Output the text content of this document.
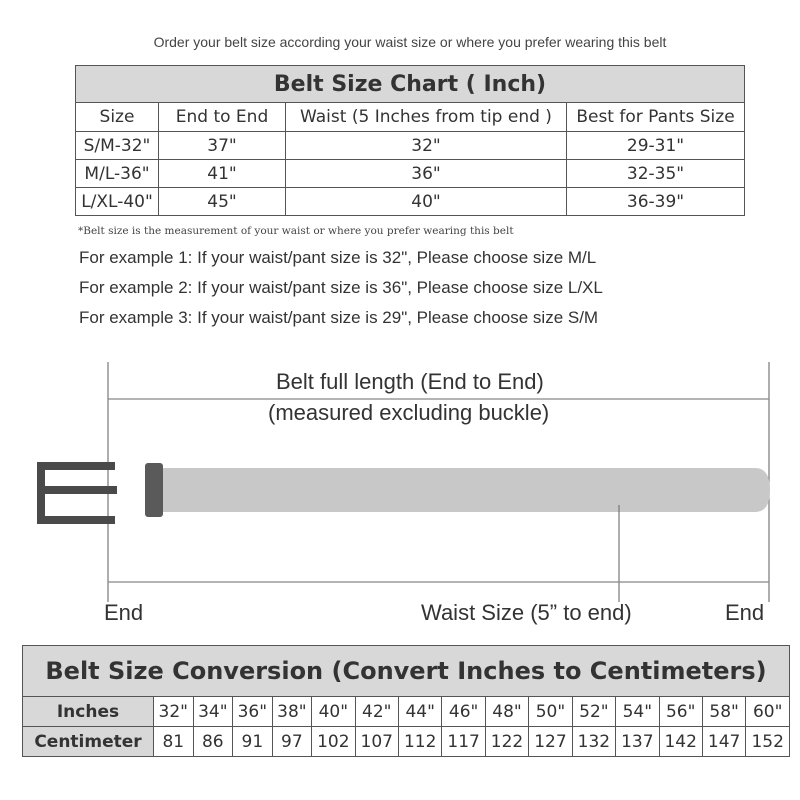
Order your belt size according your waist size or where you prefer wearing this belt
Belt Size Chart ( Inch)			
Size	End to End	Waist (5 Inches from tip end )	Best for Pants Size
S/M-32"	37"	32"	29-31"
M/L-36"	41"	36"	32-35"
L/XL-40"	45"	40"	36-39"
*Belt size is the measurement of your waist or where you prefer wearing this belt
For example 1: If your waist/pant size is 32", Please choose size M/L
For example 2: If your waist/pant size is 36", Please choose size L/XL
For example 3: If your waist/pant size is 29", Please choose size S/M
Belt full length (End to End)
(measured excluding buckle)
End	Waist Size (5” to end)	End
Belt Size Conversion (Convert Inches to Centimeters)															
Inches	32"	34"	36"	38"	40"	42"	44"	46"	48"	50"	52"	54"	56"	58"	60"
Centimeter	81	86	91	97	102	107	112	117	122	127	132	137	142	147	152
